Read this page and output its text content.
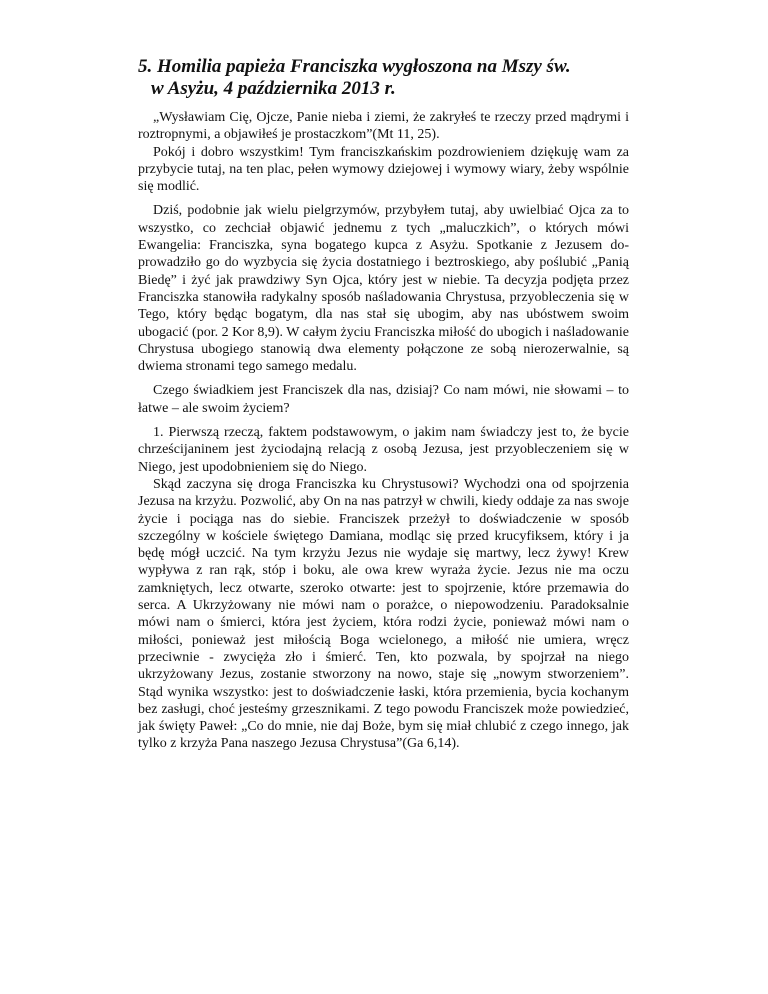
5. Homilia papieża Franciszka wygłoszona na Mszy św.
w Asyżu, 4 października 2013 r.

„Wysławiam Cię, Ojcze, Panie nieba i ziemi, że zakryłeś te rzeczy przed mądrymi i roztropnymi, a objawiłeś je prostaczkom”(Mt 11, 25).

Pokój i dobro wszystkim! Tym franciszkańskim pozdrowieniem dziękuję wam za przybycie tutaj, na ten plac, pełen wymowy dziejowej i wymowy wiary, żeby wspólnie się modlić.

Dziś, podobnie jak wielu pielgrzymów, przybyłem tutaj, aby uwielbiać Ojca za to wszystko, co zechciał objawić jednemu z tych „maluczkich”, o których mówi Ewangelia: Franciszka, syna bogatego kupca z Asyżu. Spotkanie z Jezusem doprowadziło go do wyzbycia się życia dostatniego i beztroskiego, aby poślubić „Panią Biedę” i żyć jak prawdziwy Syn Ojca, który jest w niebie. Ta decyzja podjęta przez Franciszka stanowiła radykalny sposób naśladowania Chrystusa, przyobleczenia się w Tego, który będąc bogatym, dla nas stał się ubogim, aby nas ubóstwem swoim ubogacić (por. 2 Kor 8,9). W całym życiu Franciszka miłość do ubogich i naśladowanie Chrystusa ubogiego stanowią dwa elementy połączone ze sobą nierozerwalnie, są dwiema stronami tego samego medalu.

Czego świadkiem jest Franciszek dla nas, dzisiaj? Co nam mówi, nie słowami – to łatwe – ale swoim życiem?

1. Pierwszą rzeczą, faktem podstawowym, o jakim nam świadczy jest to, że bycie chrześcijaninem jest życiodajną relacją z osobą Jezusa, jest przyobleczeniem się w Niego, jest upodobnieniem się do Niego.

Skąd zaczyna się droga Franciszka ku Chrystusowi? Wychodzi ona od spojrzenia Jezusa na krzyżu. Pozwolić, aby On na nas patrzył w chwili, kiedy oddaje za nas swoje życie i pociąga nas do siebie. Franciszek przeżył to doświadczenie w sposób szczególny w kościele świętego Damiana, modląc się przed krucyfiksem, który i ja będę mógł uczcić. Na tym krzyżu Jezus nie wydaje się martwy, lecz żywy! Krew wypływa z ran rąk, stóp i boku, ale owa krew wyraża życie. Jezus nie ma oczu zamkniętych, lecz otwarte, szeroko otwarte: jest to spojrzenie, które przemawia do serca. A Ukrzyżowany nie mówi nam o porażce, o niepowodzeniu. Paradoksalnie mówi nam o śmierci, która jest życiem, która rodzi życie, ponieważ mówi nam o miłości, ponieważ jest miłością Boga wcielonego, a miłość nie umiera, wręcz przeciwnie - zwycięża zło i śmierć. Ten, kto pozwala, by spojrzał na niego ukrzyżowany Jezus, zostanie stworzony na nowo, staje się „nowym stworzeniem”. Stąd wynika wszystko: jest to doświadczenie łaski, która przemienia, bycia kochanym bez zasługi, choć jesteśmy grzesznikami. Z tego powodu Franciszek może powiedzieć, jak święty Paweł: „Co do mnie, nie daj Boże, bym się miał chlubić z czego innego, jak tylko z krzyża Pana naszego Jezusa Chrystusa”(Ga 6,14).
